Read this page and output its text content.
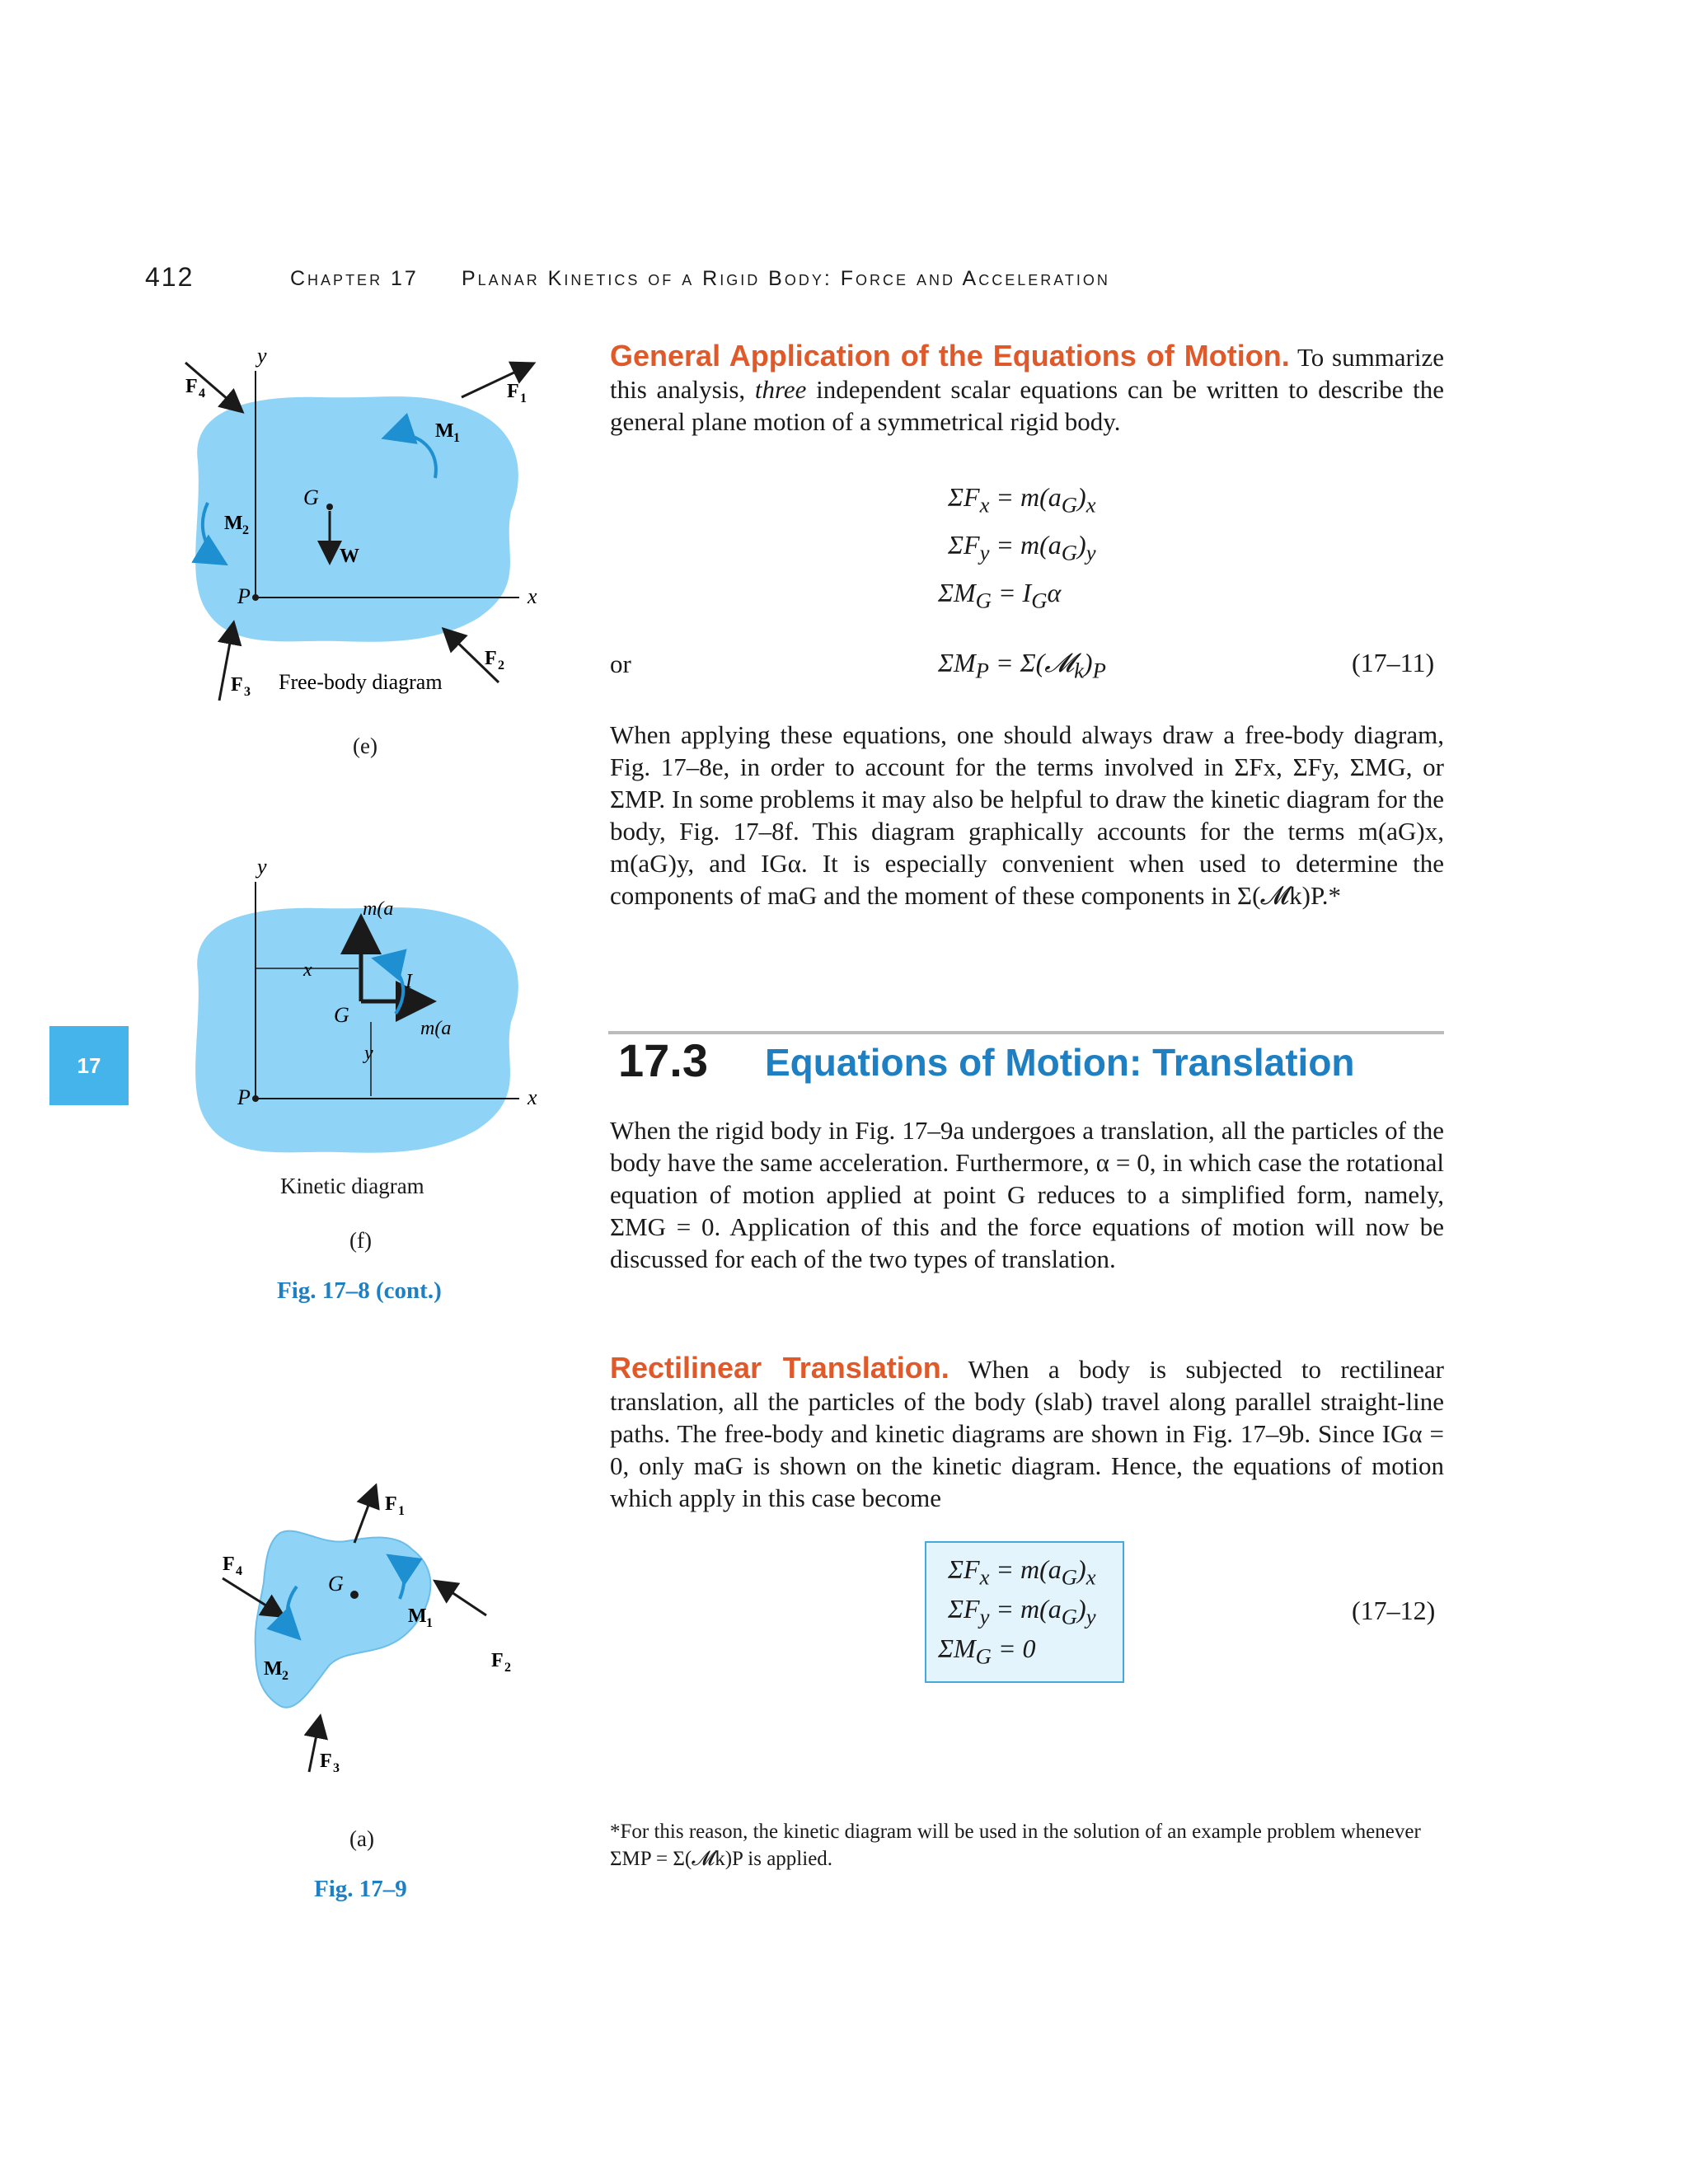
412	Chapter 17 Planar Kinetics of a Rigid Body: Force and Acceleration
17
General Application of the Equations of Motion. To summarize this analysis, three independent scalar equations can be written to describe the general plane motion of a symmetrical rigid body.
$\Sigma F_x = m(a_G)_x$
$\Sigma F_y = m(a_G)_y$
$\Sigma M_G = I_G\alpha$
or	$\Sigma M_P$ = $\Sigma(𝓜_k)_P$	(17–11)
When applying these equations, one should always draw a free-body diagram, Fig. 17–8e, in order to account for the terms involved in ΣFx, ΣFy, ΣMG, or ΣMP. In some problems it may also be helpful to draw the kinetic diagram for the body, Fig. 17–8f. This diagram graphically accounts for the terms m(aG)x, m(aG)y, and IGα. It is especially convenient when used to determine the components of maG and the moment of these components in Σ(𝓜k)P.*
17.3 Equations of Motion: Translation
When the rigid body in Fig. 17–9a undergoes a translation, all the particles of the body have the same acceleration. Furthermore, α = 0, in which case the rotational equation of motion applied at point G reduces to a simplified form, namely, ΣMG = 0. Application of this and the force equations of motion will now be discussed for each of the two types of translation.
Rectilinear Translation. When a body is subjected to rectilinear translation, all the particles of the body (slab) travel along parallel straight-line paths. The free-body and kinetic diagrams are shown in Fig. 17–9b. Since IGα = 0, only maG is shown on the kinetic diagram. Hence, the equations of motion which apply in this case become
$\Sigma F_x = m(a_G)_x$
$\Sigma F_y = m(a_G)_y$
$\Sigma M_G = 0$
(17–12)
*For this reason, the kinetic diagram will be used in the solution of an example problem whenever ΣMP = Σ(𝓜k)P is applied.
y
x
P
G
W
F 1
F 2
F 3
F 4
M 1
M 2
Free-body diagram
(e)
y
x
P
G
x
y
m(a
m(a
I
Kinetic diagram
(f)
Fig. 17–8 (cont.)
G
F 1
F 2
F 3
F 4
M 1
M 2
(a)
Fig. 17–9
